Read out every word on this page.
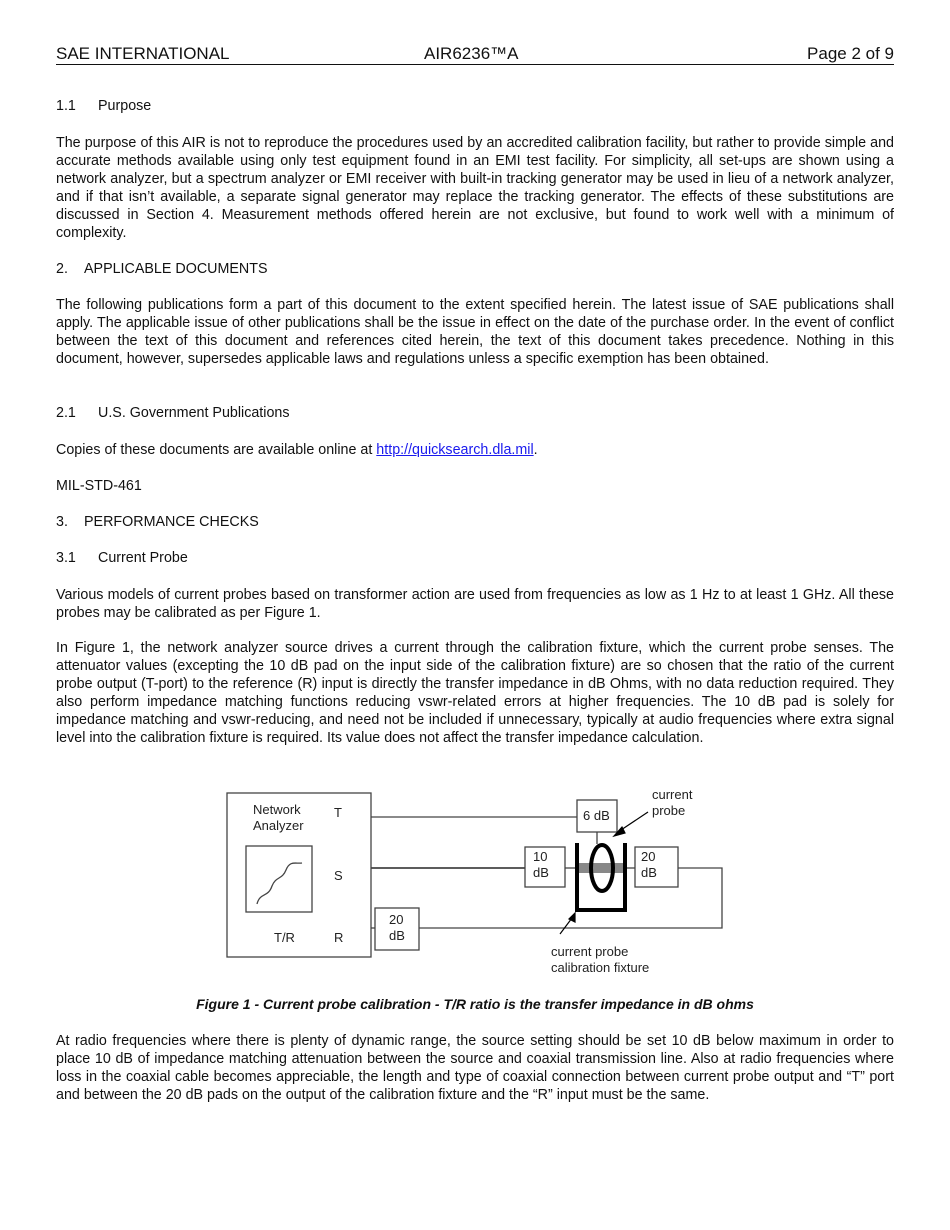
SAE INTERNATIONAL	AIR6236™A	Page 2 of 9
1.1 Purpose
The purpose of this AIR is not to reproduce the procedures used by an accredited calibration facility, but rather to provide simple and accurate methods available using only test equipment found in an EMI test facility. For simplicity, all set-ups are shown using a network analyzer, but a spectrum analyzer or EMI receiver with built-in tracking generator may be used in lieu of a network analyzer, and if that isn’t available, a separate signal generator may replace the tracking generator. The effects of these substitutions are discussed in Section 4. Measurement methods offered herein are not exclusive, but found to work well with a minimum of complexity.
2. APPLICABLE DOCUMENTS
The following publications form a part of this document to the extent specified herein. The latest issue of SAE publications shall apply. The applicable issue of other publications shall be the issue in effect on the date of the purchase order. In the event of conflict between the text of this document and references cited herein, the text of this document takes precedence. Nothing in this document, however, supersedes applicable laws and regulations unless a specific exemption has been obtained.
2.1 U.S. Government Publications
Copies of these documents are available online at http://quicksearch.dla.mil.
MIL-STD-461
3. PERFORMANCE CHECKS
3.1 Current Probe
Various models of current probes based on transformer action are used from frequencies as low as 1 Hz to at least 1 GHz. All these probes may be calibrated as per Figure 1.
In Figure 1, the network analyzer source drives a current through the calibration fixture, which the current probe senses. The attenuator values (excepting the 10 dB pad on the input side of the calibration fixture) are so chosen that the ratio of the current probe output (T-port) to the reference (R) input is directly the transfer impedance in dB Ohms, with no data reduction required. They also perform impedance matching functions reducing vswr-related errors at higher frequencies. The 10 dB pad is solely for impedance matching and vswr-reducing, and need not be included if unnecessary, typically at audio frequencies where extra signal level into the calibration fixture is required. Its value does not affect the transfer impedance calculation.
Network
Analyzer
T
S
R
T/R
6 dB
10
dB
20
dB
20
dB
current
probe
current probe
calibration fixture
Figure 1 - Current probe calibration - T/R ratio is the transfer impedance in dB ohms
At radio frequencies where there is plenty of dynamic range, the source setting should be set 10 dB below maximum in order to place 10 dB of impedance matching attenuation between the source and coaxial transmission line. Also at radio frequencies where loss in the coaxial cable becomes appreciable, the length and type of coaxial connection between current probe output and “T” port and between the 20 dB pads on the output of the calibration fixture and the “R” input must be the same.
